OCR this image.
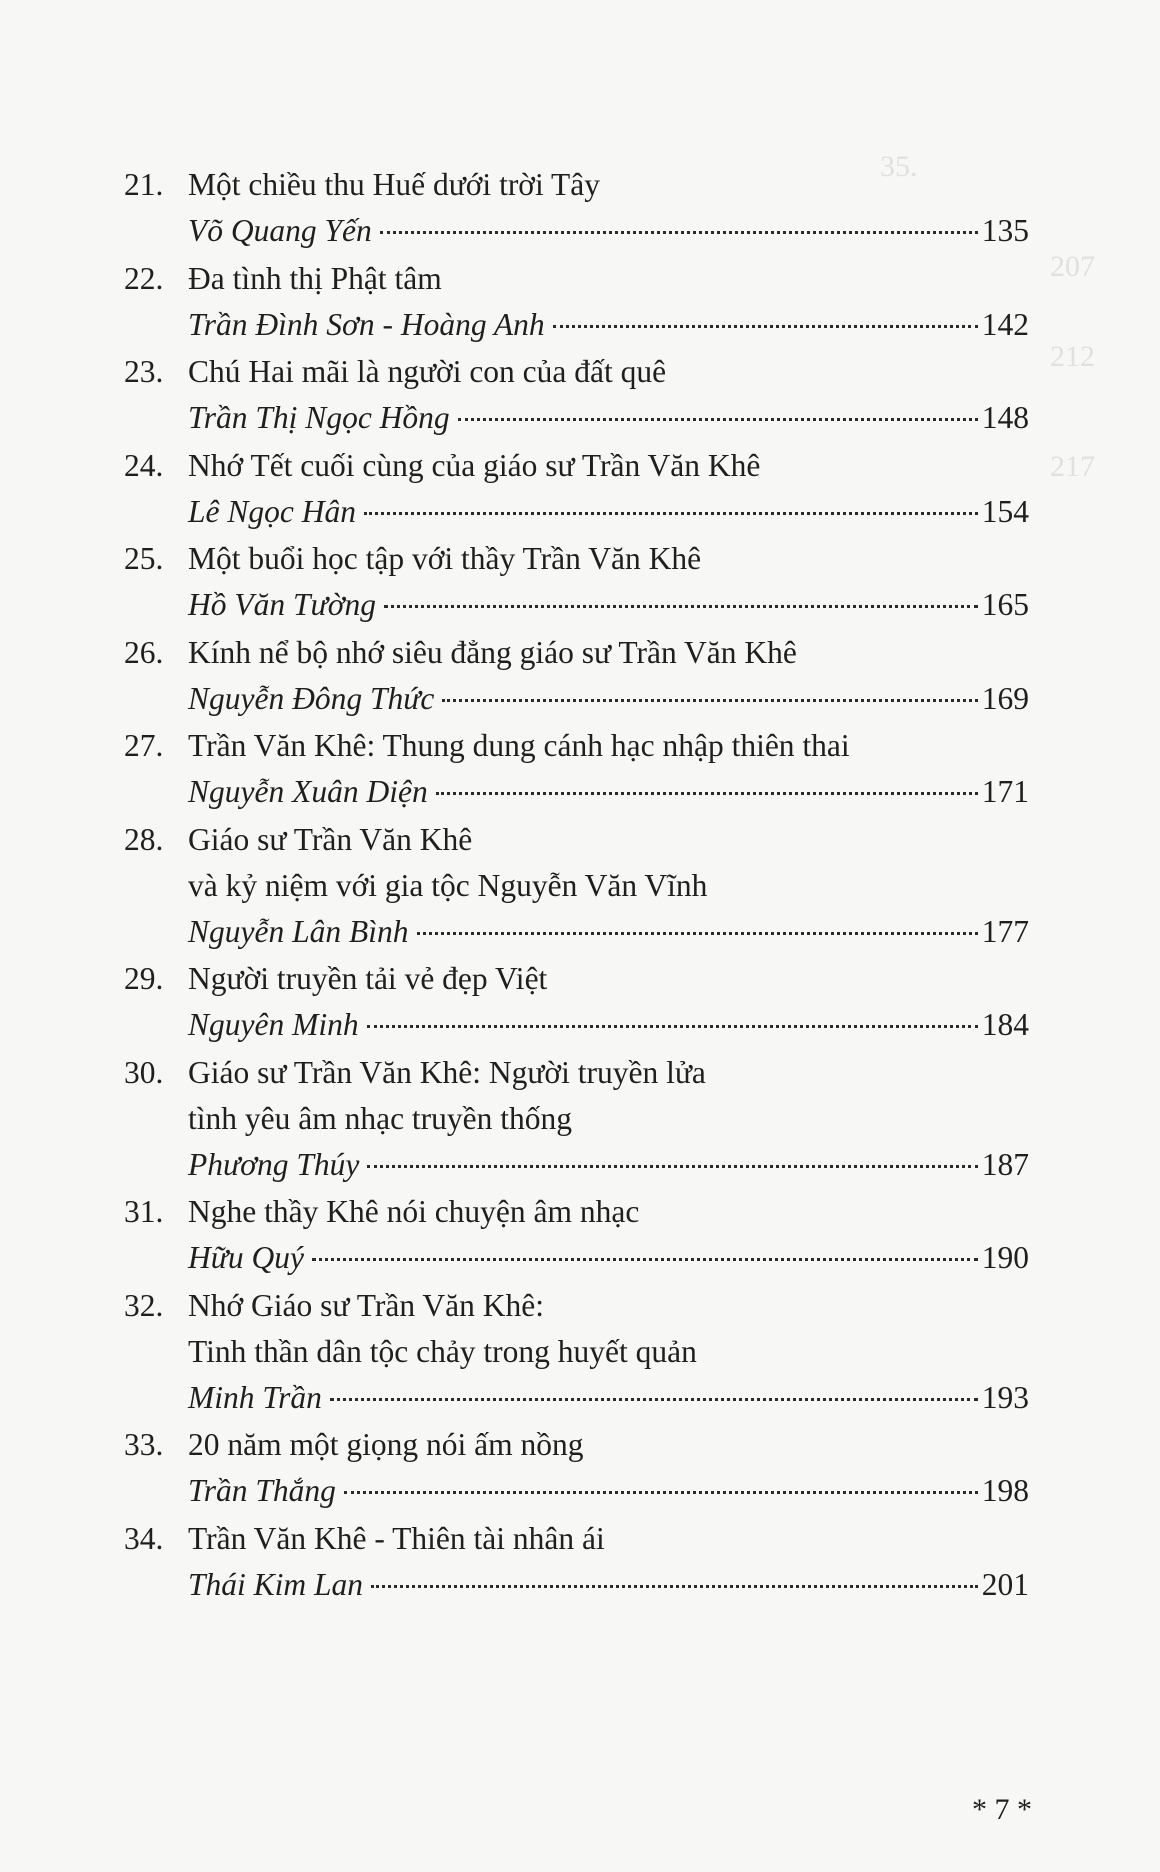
35.
207
212
217
21. Một chiều thu Huế dưới trời Tây
Võ Quang Yến	135
22. Đa tình thị Phật tâm
Trần Đình Sơn - Hoàng Anh	142
23. Chú Hai mãi là người con của đất quê
Trần Thị Ngọc Hồng	148
24. Nhớ Tết cuối cùng của giáo sư Trần Văn Khê
Lê Ngọc Hân	154
25. Một buổi học tập với thầy Trần Văn Khê
Hồ Văn Tường	165
26. Kính nể bộ nhớ siêu đẳng giáo sư Trần Văn Khê
Nguyễn Đông Thức	169
27. Trần Văn Khê: Thung dung cánh hạc nhập thiên thai
Nguyễn Xuân Diện	171
28. Giáo sư Trần Văn Khê
và kỷ niệm với gia tộc Nguyễn Văn Vĩnh
Nguyễn Lân Bình	177
29. Người truyền tải vẻ đẹp Việt
Nguyên Minh	184
30. Giáo sư Trần Văn Khê: Người truyền lửa
tình yêu âm nhạc truyền thống
Phương Thúy	187
31. Nghe thầy Khê nói chuyện âm nhạc
Hữu Quý	190
32. Nhớ Giáo sư Trần Văn Khê:
Tinh thần dân tộc chảy trong huyết quản
Minh Trần	193
33. 20 năm một giọng nói ấm nồng
Trần Thắng	198
34. Trần Văn Khê - Thiên tài nhân ái
Thái Kim Lan	201
* 7 *
